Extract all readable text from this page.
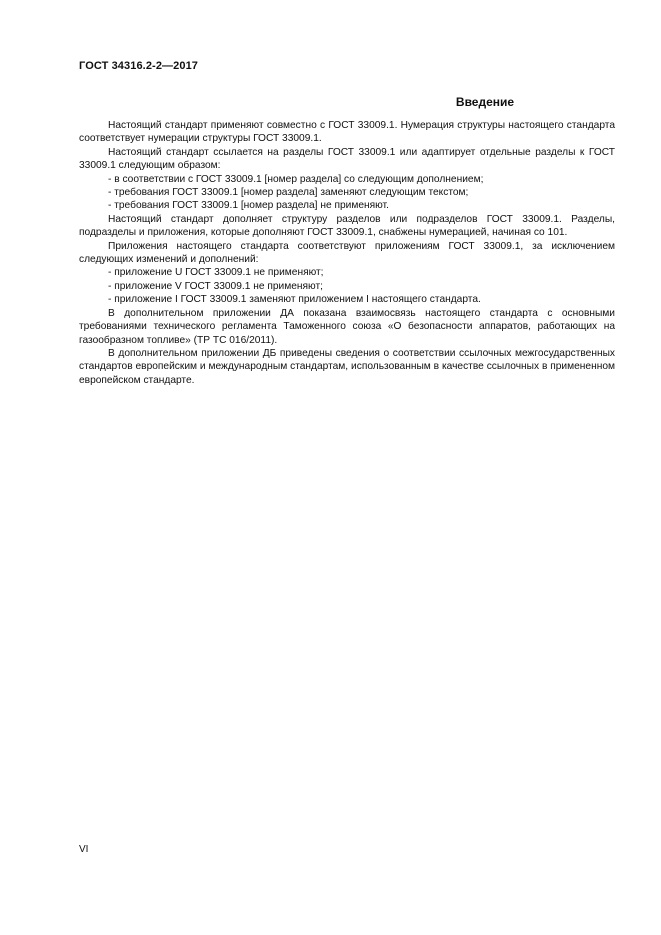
ГОСТ 34316.2-2—2017
Введение

Настоящий стандарт применяют совместно с ГОСТ 33009.1. Нумерация структуры настоящего стандарта соответствует нумерации структуры ГОСТ 33009.1.

Настоящий стандарт ссылается на разделы ГОСТ 33009.1 или адаптирует отдельные разделы к ГОСТ 33009.1 следующим образом:

- в соответствии с ГОСТ 33009.1 [номер раздела] со следующим дополнением;

- требования ГОСТ 33009.1 [номер раздела] заменяют следующим текстом;

- требования ГОСТ 33009.1 [номер раздела] не применяют.

Настоящий стандарт дополняет структуру разделов или подразделов ГОСТ 33009.1. Разделы, подразделы и приложения, которые дополняют ГОСТ 33009.1, снабжены нумерацией, начиная со 101.

Приложения настоящего стандарта соответствуют приложениям ГОСТ 33009.1, за исключением следующих изменений и дополнений:

- приложение U ГОСТ 33009.1 не применяют;

- приложение V ГОСТ 33009.1 не применяют;

- приложение I ГОСТ 33009.1 заменяют приложением I настоящего стандарта.

В дополнительном приложении ДА показана взаимосвязь настоящего стандарта с основными требованиями технического регламента Таможенного союза «О безопасности аппаратов, работающих на газообразном топливе» (ТР ТС 016/2011).

В дополнительном приложении ДБ приведены сведения о соответствии ссылочных межгосударственных стандартов европейским и международным стандартам, использованным в качестве ссылочных в примененном европейском стандарте.

VI
